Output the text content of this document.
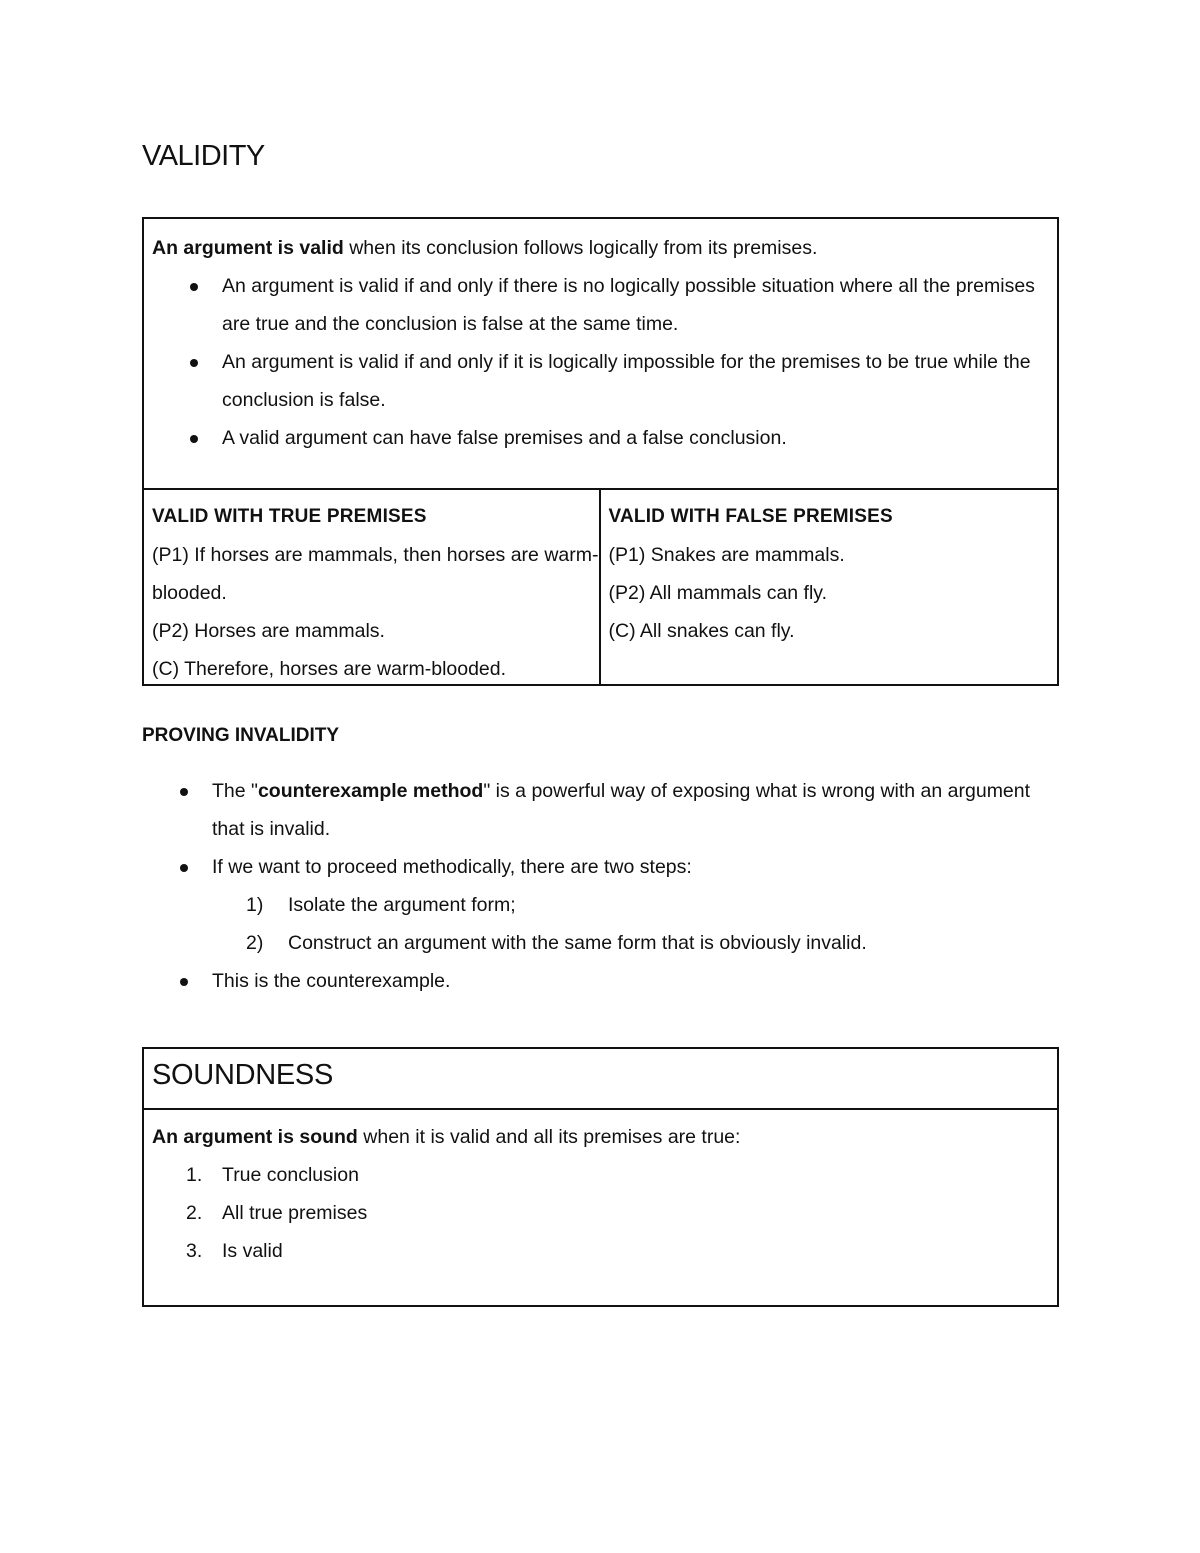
VALIDITY
An argument is valid when its conclusion follows logically from its premises.
An argument is valid if and only if there is no logically possible situation where all the premises are true and the conclusion is false at the same time.
An argument is valid if and only if it is logically impossible for the premises to be true while the conclusion is false.
A valid argument can have false premises and a false conclusion.
VALID WITH TRUE PREMISES
(P1) If horses are mammals, then horses are warm-blooded.
(P2) Horses are mammals.
(C) Therefore, horses are warm-blooded.
VALID WITH FALSE PREMISES
(P1) Snakes are mammals.
(P2) All mammals can fly.
(C) All snakes can fly.
PROVING INVALIDITY
The "counterexample method" is a powerful way of exposing what is wrong with an argument that is invalid.
If we want to proceed methodically, there are two steps:
1) Isolate the argument form;
2) Construct an argument with the same form that is obviously invalid.
This is the counterexample.
SOUNDNESS
An argument is sound when it is valid and all its premises are true:
1. True conclusion
2. All true premises
3. Is valid
